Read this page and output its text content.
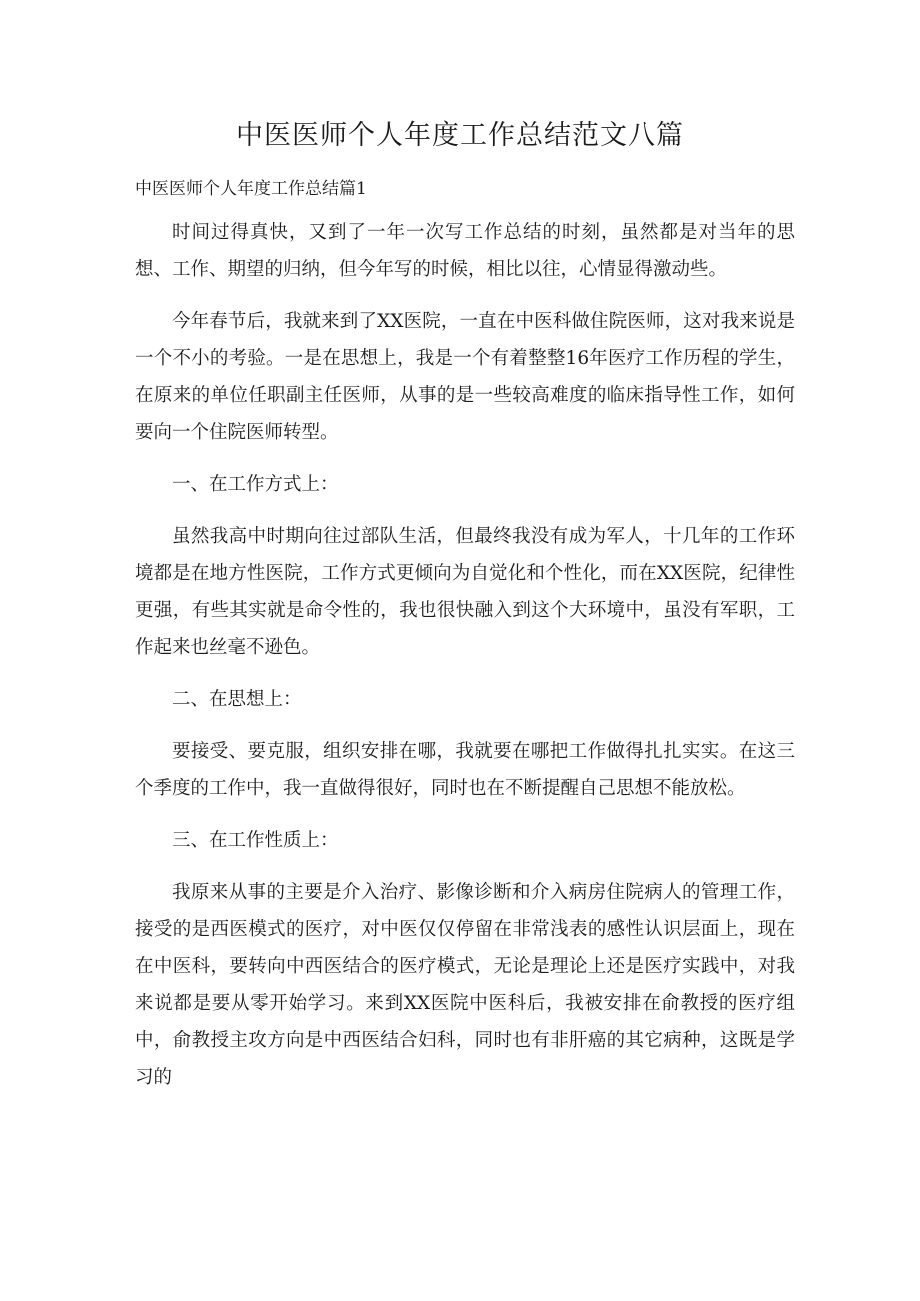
中医医师个人年度工作总结范文八篇
中医医师个人年度工作总结篇1

时间过得真快，又到了一年一次写工作总结的时刻，虽然都是对当年的思想、工作、期望的归纳，但今年写的时候，相比以往，心情显得激动些。

今年春节后，我就来到了XX医院，一直在中医科做住院医师，这对我来说是一个不小的考验。一是在思想上，我是一个有着整整16年医疗工作历程的学生，在原来的单位任职副主任医师，从事的是一些较高难度的临床指导性工作，如何要向一个住院医师转型。

一、在工作方式上：

虽然我高中时期向往过部队生活，但最终我没有成为军人，十几年的工作环境都是在地方性医院，工作方式更倾向为自觉化和个性化，而在XX医院，纪律性更强，有些其实就是命令性的，我也很快融入到这个大环境中，虽没有军职，工作起来也丝毫不逊色。

二、在思想上：

要接受、要克服，组织安排在哪，我就要在哪把工作做得扎扎实实。在这三个季度的工作中，我一直做得很好，同时也在不断提醒自己思想不能放松。

三、在工作性质上：

我原来从事的主要是介入治疗、影像诊断和介入病房住院病人的管理工作，接受的是西医模式的医疗，对中医仅仅停留在非常浅表的感性认识层面上，现在在中医科，要转向中西医结合的医疗模式，无论是理论上还是医疗实践中，对我来说都是要从零开始学习。来到XX医院中医科后，我被安排在俞教授的医疗组中，俞教授主攻方向是中西医结合妇科，同时也有非肝癌的其它病种，这既是学习的
